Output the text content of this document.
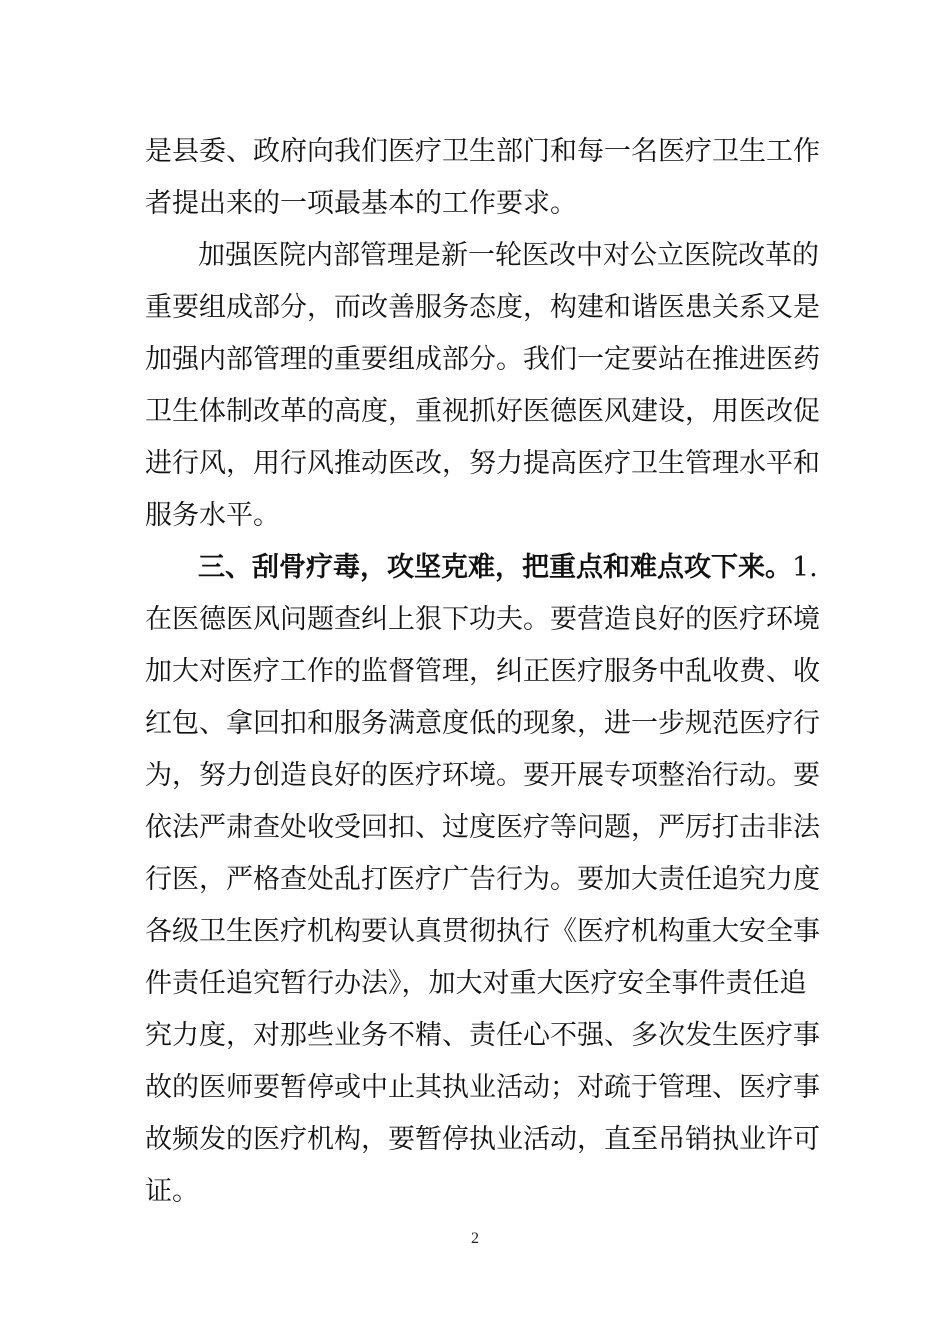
是县委、政府向我们医疗卫生部门和每一名医疗卫生工作
者提出来的一项最基本的工作要求。
加强医院内部管理是新一轮医改中对公立医院改革的
重要组成部分，而改善服务态度，构建和谐医患关系又是
加强内部管理的重要组成部分。我们一定要站在推进医药
卫生体制改革的高度，重视抓好医德医风建设，用医改促
进行风，用行风推动医改，努力提高医疗卫生管理水平和
服务水平。
三、刮骨疗毒，攻坚克难，把重点和难点攻下来。1.
在医德医风问题查纠上狠下功夫。要营造良好的医疗环境
加大对医疗工作的监督管理，纠正医疗服务中乱收费、收
红包、拿回扣和服务满意度低的现象，进一步规范医疗行
为，努力创造良好的医疗环境。要开展专项整治行动。要
依法严肃查处收受回扣、过度医疗等问题，严厉打击非法
行医，严格查处乱打医疗广告行为。要加大责任追究力度
各级卫生医疗机构要认真贯彻执行《医疗机构重大安全事
件责任追究暂行办法》，加大对重大医疗安全事件责任追
究力度，对那些业务不精、责任心不强、多次发生医疗事
故的医师要暂停或中止其执业活动；对疏于管理、医疗事
故频发的医疗机构，要暂停执业活动，直至吊销执业许可
证。
2
